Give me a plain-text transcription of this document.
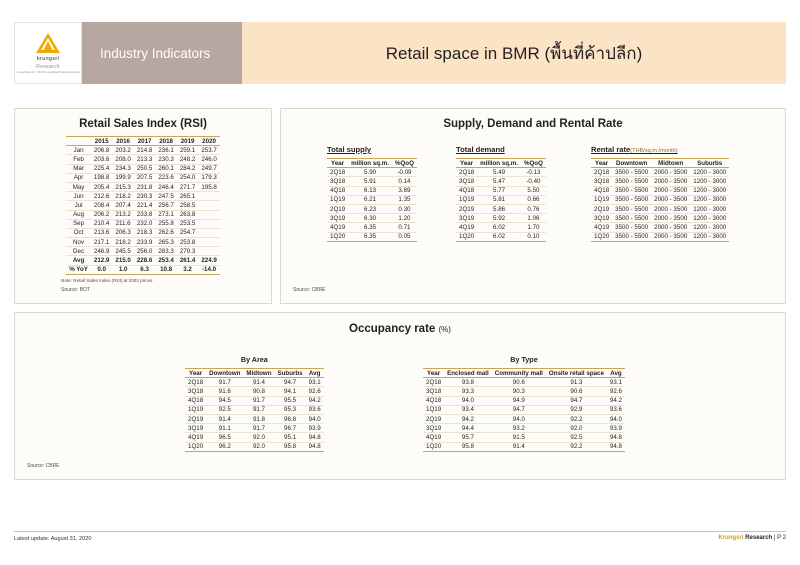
krungsri
Research
A member of ○ MUFG a global financial group
Industry Indicators	Retail space in BMR (พื้นที่ค้าปลีก)
Retail Sales Index (RSI)
	2015	2016	2017	2018	2019	2020
Jan	206.8	203.2	214.8	236.1	259.1	253.7
Feb	203.6	208.0	213.3	230.3	248.2	246.0
Mar	225.4	234.3	250.5	260.1	284.2	249.7
Apr	198.8	199.9	207.5	223.6	254.0	179.3
May	205.4	215.3	231.8	246.4	271.7	195.8
Jun	212.6	218.2	230.3	247.5	265.1	
Jul	208.4	207.4	221.4	256.7	258.5	
Aug	206.2	213.2	233.8	273.1	263.8	
Sep	210.4	211.6	232.0	255.8	253.5	
Oct	213.6	206.3	218.3	262.6	254.7	
Nov	217.1	218.2	233.9	265.3	253.8	
Dec	246.9	245.5	256.0	283.3	270.3	
Avg	212.9	215.0	228.6	253.4	261.4	224.9
% YoY	0.0	1.0	6.3	10.8	3.2	-14.0
Note: Retail Sales Index (RSI) at 2002 prices
Source: BOT
Supply, Demand and Rental Rate
Total supply
Year	million sq.m.	%QoQ
2Q18	5.90	-0.09
3Q18	5.91	0.14
4Q18	6.13	3.69
1Q19	6.21	1.35
2Q19	6.23	0.30
3Q19	6.30	1.20
4Q19	6.35	0.71
1Q20	6.35	0.05
Total demand
Year	million sq.m.	%QoQ
2Q18	5.49	-0.13
3Q18	5.47	-0.40
4Q18	5.77	5.50
1Q19	5.81	0.66
2Q19	5.86	0.76
3Q19	5.92	1.06
4Q19	6.02	1.70
1Q20	6.02	0.10
Rental rate(THB/sq.m./month)
Year	Downtown	Midtown	Suburbs
2Q18	3500 - 5500	2000 - 3500	1200 - 3000
3Q18	3500 - 5500	2000 - 3500	1200 - 3000
4Q18	3500 - 5500	2000 - 3500	1200 - 3000
1Q19	3500 - 5500	2000 - 3500	1200 - 3000
2Q19	3500 - 5500	2000 - 3500	1200 - 3000
3Q19	3500 - 5500	2000 - 3500	1200 - 3000
4Q19	3500 - 5500	2000 - 3500	1200 - 3000
1Q20	3500 - 5500	2000 - 3500	1200 - 3000
Source: CBRE
Occupancy rate (%)
By Area
Year	Downtown	Midtown	Suburbs	Avg
2Q18	91.7	91.4	94.7	93.1
3Q18	91.6	90.8	94.1	92.6
4Q18	94.5	91.7	95.5	94.2
1Q19	92.5	91.7	95.3	93.6
2Q19	91.4	91.8	96.8	94.0
3Q19	91.1	91.7	96.7	93.9
4Q19	96.5	92.0	95.1	94.8
1Q20	96.2	92.0	95.8	94.8
By Type
Year	Enclosed mall	Community mall	Onsite retail space	Avg
2Q18	93.8	90.6	91.3	93.1
3Q18	93.3	90.3	90.6	92.6
4Q18	94.0	94.9	94.7	94.2
1Q19	93.4	94.7	92.9	93.6
2Q19	94.2	94.0	92.2	94.0
3Q19	94.4	93.2	92.0	93.9
4Q19	95.7	91.5	92.5	94.8
1Q20	95.8	91.4	92.2	94.8
Source: CBRE
Latest update: August 31, 2020	Krungsri Research | P 2
